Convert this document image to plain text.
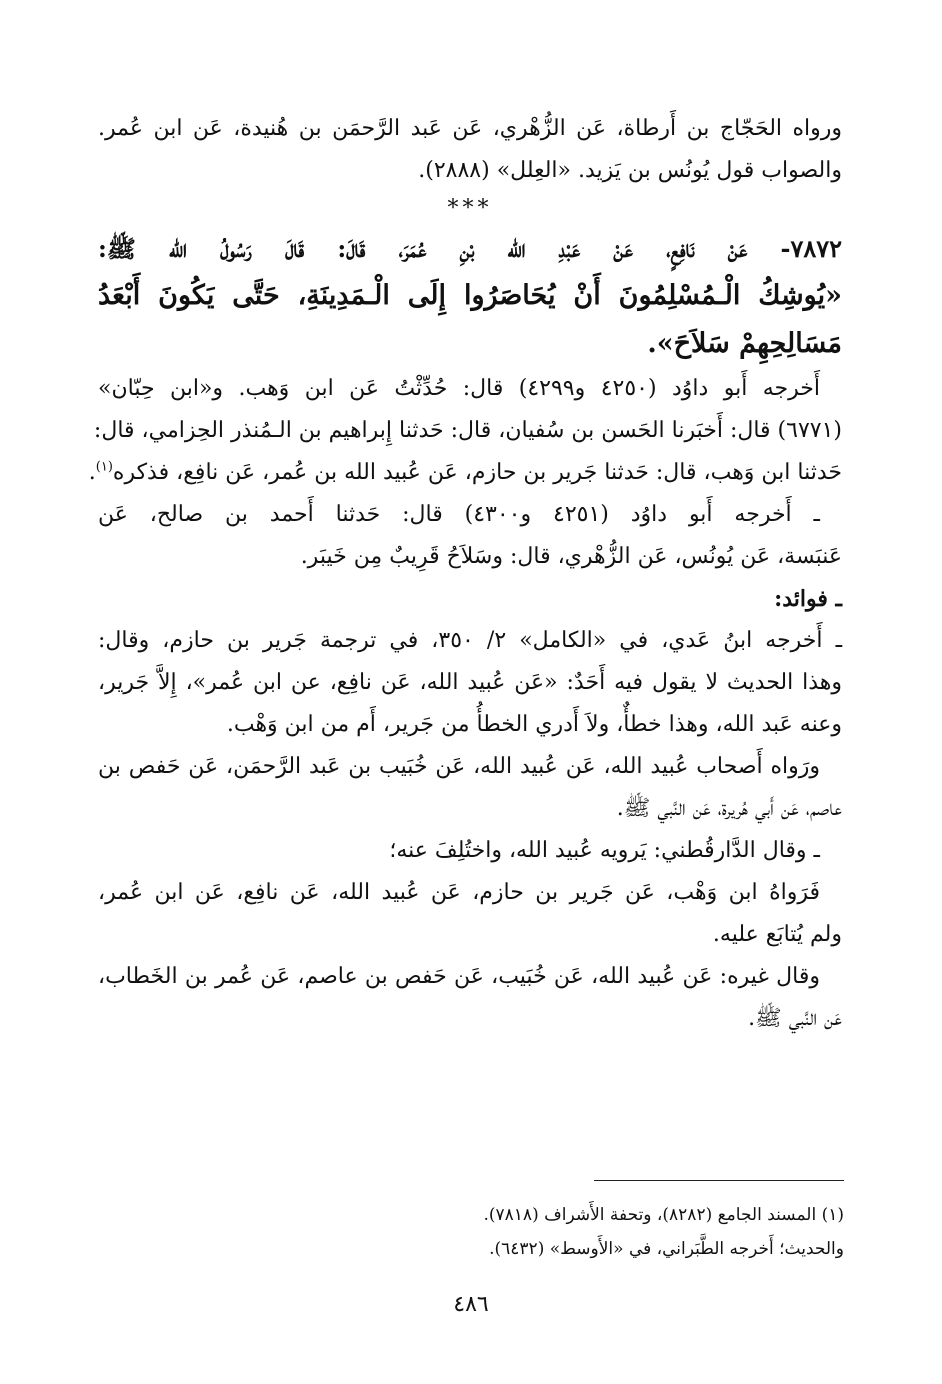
ورواه الحَجّاج بن أَرطاة، عَن الزُّهْري، عَن عَبد الرَّحمَن بن هُنيدة، عَن ابن عُمر.
والصواب قول يُونُس بن يَزيد. «العِلل» (٢٨٨٨).
***
٧٨٧٢- عَنْ نَافِعٍ، عَنْ عَبْدِ الله بْنِ عُمَرَ، قَالَ: قَالَ رَسُولُ الله ﷺ:
«يُوشِكُ الْـمُسْلِمُونَ أَنْ يُحَاصَرُوا إِلَى الْـمَدِينَةِ، حَتَّى يَكُونَ أَبْعَدُ
مَسَالِحِهِمْ سَلاَحَ».
أَخرجه أَبو داوُد (٤٢٥٠ و٤٢٩٩) قال: حُدِّثْتُ عَن ابن وَهب. و«ابن حِبّان»
(٦٧٧١) قال: أَخبَرنا الحَسن بن سُفيان، قال: حَدثنا إِبراهيم بن الـمُنذر الحِزامي، قال:
حَدثنا ابن وَهب، قال: حَدثنا جَرير بن حازم، عَن عُبيد الله بن عُمر، عَن نافِع، فذكره$^{(١)}$.
ـ أَخرجه أَبو داوُد (٤٢٥١ و٤٣٠٠) قال: حَدثنا أَحمد بن صالح، عَن
عَنبَسة، عَن يُونُس، عَن الزُّهْري، قال: وسَلاَحُ قَرِيبٌ مِن خَيبَر.
ـ فوائد:
ـ أَخرجه ابنُ عَدي، في «الكامل» ٢/ ٣٥٠، في ترجمة جَرير بن حازم، وقال:
وهذا الحديث لا يقول فيه أَحَدٌ: «عَن عُبيد الله، عَن نافِع، عن ابن عُمر»، إِلاَّ جَرير،
وعنه عَبد الله، وهذا خطأٌ، ولاَ أَدري الخطأُ من جَرير، أَم من ابن وَهْب.
ورَواه أَصحاب عُبيد الله، عَن عُبيد الله، عَن خُبَيب بن عَبد الرَّحمَن، عَن حَفص بن
عاصم، عَن أَبي هُريرة، عَن النَّبي ﷺ.
ـ وقال الدَّارقُطني: يَرويه عُبيد الله، واختُلِفَ عنه؛
فَرَواهُ ابن وَهْب، عَن جَرير بن حازم، عَن عُبيد الله، عَن نافِع، عَن ابن عُمر،
ولم يُتابَع عليه.
وقال غيره: عَن عُبيد الله، عَن خُبَيب، عَن حَفص بن عاصم، عَن عُمر بن الخَطاب،
عَن النَّبي ﷺ.
(١) المسند الجامع (٨٢٨٢)، وتحفة الأَشراف (٧٨١٨).
والحديث؛ أَخرجه الطَّبَراني، في «الأَوسط» (٦٤٣٢).
٤٨٦
